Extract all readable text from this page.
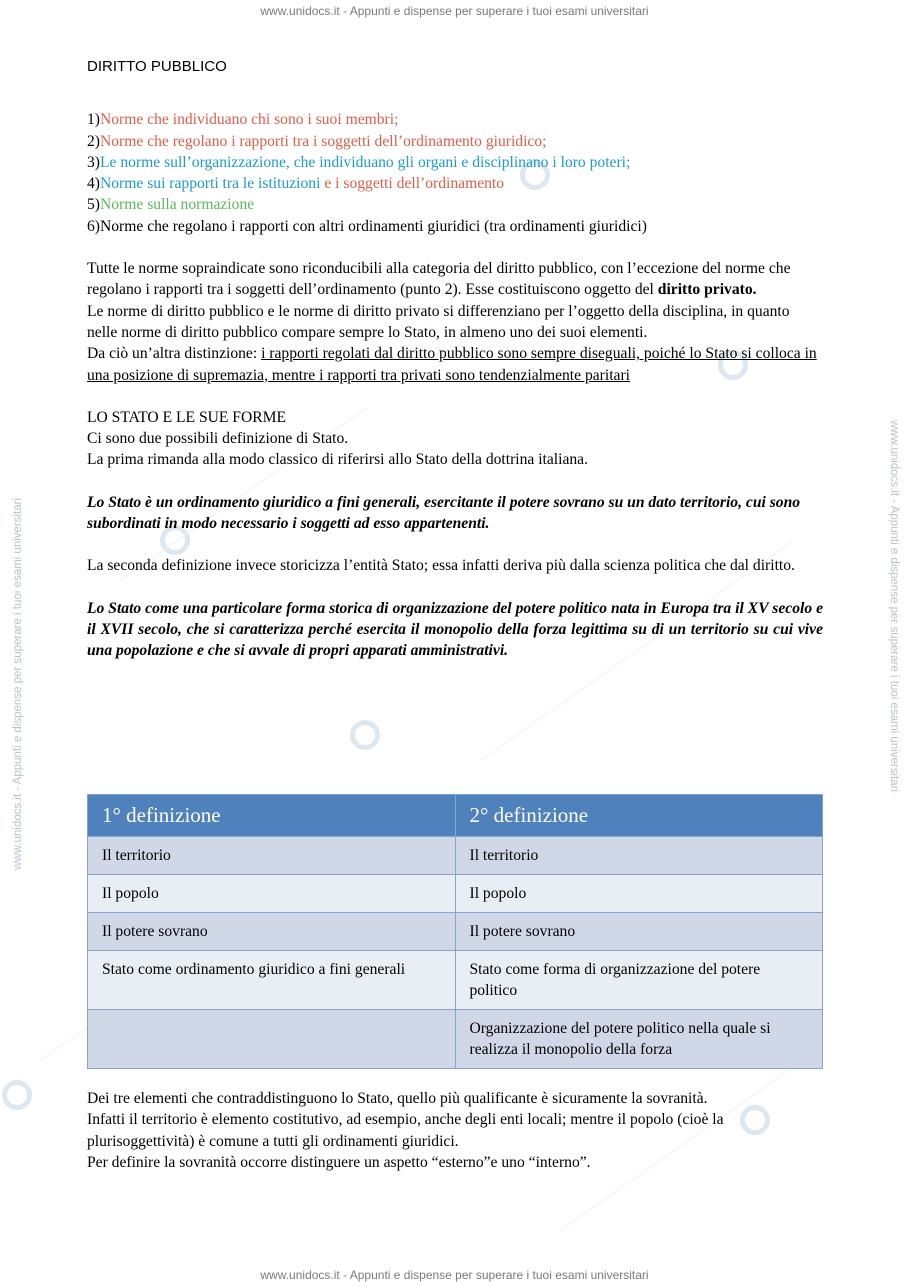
www.unidocs.it - Appunti e dispense per superare i tuoi esami universitari
www.unidocs.it - Appunti e dispense per superare i tuoi esami universitari
www.unidocs.it - Appunti e dispense per superare i tuoi esami universitari	www.unidocs.it - Appunti e dispense per superare i tuoi esami universitari
DIRITTO PUBBLICO
1)Norme che individuano chi sono i suoi membri;
2)Norme che regolano i rapporti tra i soggetti dell’ordinamento giuridico;
3)Le norme sull’organizzazione, che individuano gli organi e disciplinano i loro poteri;
4)Norme sui rapporti tra le istituzioni e i soggetti dell’ordinamento
5)Norme sulla normazione
6)Norme che regolano i rapporti con altri ordinamenti giuridici (tra ordinamenti giuridici)
Tutte le norme sopraindicate sono riconducibili alla categoria del diritto pubblico, con l’eccezione del norme che regolano i rapporti tra i soggetti dell’ordinamento (punto 2). Esse costituiscono oggetto del diritto privato.
Le norme di diritto pubblico e le norme di diritto privato si differenziano per l’oggetto della disciplina, in quanto nelle norme di diritto pubblico compare sempre lo Stato, in almeno uno dei suoi elementi.
Da ciò un’altra distinzione: i rapporti regolati dal diritto pubblico sono sempre diseguali, poiché lo Stato si colloca in una posizione di supremazia, mentre i rapporti tra privati sono tendenzialmente paritari
LO STATO E LE SUE FORME
Ci sono due possibili definizione di Stato.
La prima rimanda alla modo classico di riferirsi allo Stato della dottrina italiana.
Lo Stato è un ordinamento giuridico a fini generali, esercitante il potere sovrano su un dato territorio, cui sono subordinati in modo necessario i soggetti ad esso appartenenti.
La seconda definizione invece storicizza l’entità Stato; essa infatti deriva più dalla scienza politica che dal diritto.
Lo Stato come una particolare forma storica di organizzazione del potere politico nata in Europa tra il XV secolo e il XVII secolo, che si caratterizza perché esercita il monopolio della forza legittima su di un territorio su cui vive una popolazione e che si avvale di propri apparati amministrativi.
1° definizione	2° definizione
Il territorio	Il territorio
Il popolo	Il popolo
Il potere sovrano	Il potere sovrano
Stato come ordinamento giuridico a fini generali	Stato come forma di organizzazione del potere politico
	Organizzazione del potere politico nella quale si realizza il monopolio della forza
Dei tre elementi che contraddistinguono lo Stato, quello più qualificante è sicuramente la sovranità.
Infatti il territorio è elemento costitutivo, ad esempio, anche degli enti locali; mentre il popolo (cioè la plurisoggettività) è comune a tutti gli ordinamenti giuridici.
Per definire la sovranità occorre distinguere un aspetto “esterno”e uno “interno”.
